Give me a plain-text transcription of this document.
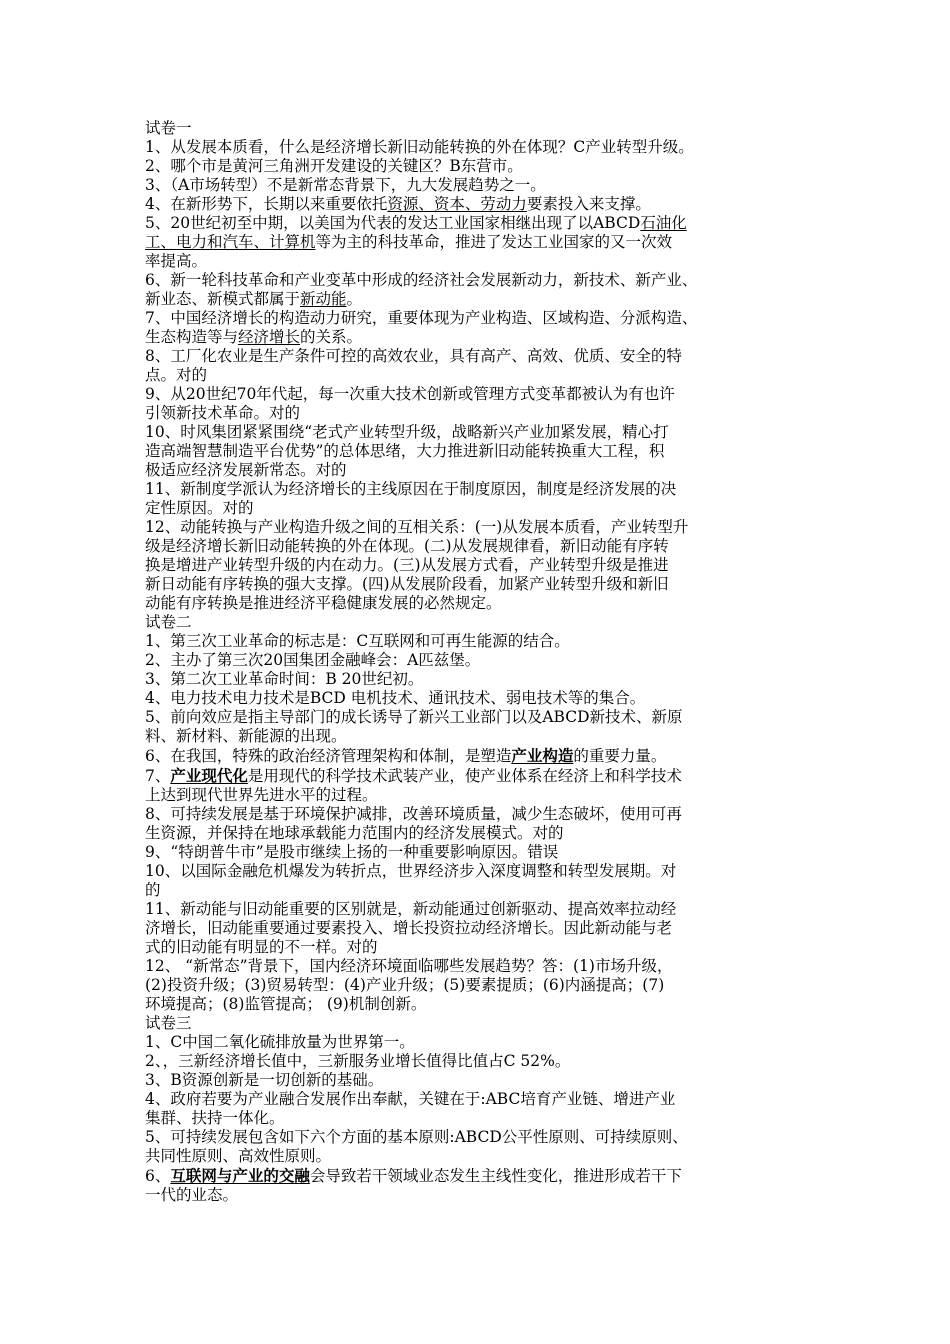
试卷一

1、从发展本质看，什么是经济增长新旧动能转换的外在体现？C产业转型升级。

2、哪个市是黄河三角洲开发建设的关键区？B东营市。

3、（A市场转型）不是新常态背景下，九大发展趋势之一。

4、在新形势下，长期以来重要依托资源、资本、劳动力要素投入来支撑。

5、20世纪初至中期，以美国为代表的发达工业国家相继出现了以ABCD石油化

工、电力和汽车、计算机等为主的科技革命，推进了发达工业国家的又一次效

率提高。

6、新一轮科技革命和产业变革中形成的经济社会发展新动力，新技术、新产业、

新业态、新模式都属于新动能。

7、中国经济增长的构造动力研究，重要体现为产业构造、区域构造、分派构造、

生态构造等与经济增长的关系。

8、工厂化农业是生产条件可控的高效农业，具有高产、高效、优质、安全的特

点。对的

9、从20世纪70年代起，每一次重大技术创新或管理方式变革都被认为有也许

引领新技术革命。对的

10、时风集团紧紧围绕“老式产业转型升级，战略新兴产业加紧发展，精心打

造高端智慧制造平台优势”的总体思绪，大力推进新旧动能转换重大工程，积

极适应经济发展新常态。对的

11、新制度学派认为经济增长的主线原因在于制度原因，制度是经济发展的决

定性原因。对的

12、动能转换与产业构造升级之间的互相关系：(一)从发展本质看，产业转型升

级是经济增长新旧动能转换的外在体现。(二)从发展规律看，新旧动能有序转

换是增进产业转型升级的内在动力。(三)从发展方式看，产业转型升级是推进

新日动能有序转换的强大支撑。(四)从发展阶段看，加紧产业转型升级和新旧

动能有序转换是推进经济平稳健康发展的必然规定。

试卷二

1、第三次工业革命的标志是：C互联网和可再生能源的结合。

2、主办了第三次20国集团金融峰会：A匹兹堡。

3、第二次工业革命时间：B 20世纪初。

4、电力技术电力技术是BCD 电机技术、通讯技术、弱电技术等的集合。

5、前向效应是指主导部门的成长诱导了新兴工业部门以及ABCD新技术、新原

料、新材料、新能源的出现。

6、在我国，特殊的政治经济管理架构和体制，是塑造产业构造的重要力量。

7、产业现代化是用现代的科学技术武装产业，使产业体系在经济上和科学技术

上达到现代世界先进水平的过程。

8、可持续发展是基于环境保护减排，改善环境质量，减少生态破坏，使用可再

生资源，并保持在地球承载能力范围内的经济发展模式。对的

9、“特朗普牛市”是股市继续上扬的一种重要影响原因。错误

10、以国际金融危机爆发为转折点，世界经济步入深度调整和转型发展期。对

的

11、新动能与旧动能重要的区别就是，新动能通过创新驱动、提高效率拉动经

济增长，旧动能重要通过要素投入、增长投资拉动经济增长。因此新动能与老

式的旧动能有明显的不一样。对的

12、 “新常态”背景下，国内经济环境面临哪些发展趋势？答：(1)市场升级，

(2)投资升级；(3)贸易转型：(4)产业升级；(5)要素提质；(6)内涵提高；(7)

环境提高；(8)监管提高； (9)机制创新。

试卷三

1、C中国二氧化硫排放量为世界第一。

2、，三新经济增长值中，三新服务业增长值得比值占C 52%。

3、B资源创新是一切创新的基础。

4、政府若要为产业融合发展作出奉献，关键在于:ABC培育产业链、增进产业

集群、扶持一体化。

5、可持续发展包含如下六个方面的基本原则:ABCD公平性原则、可持续原则、

共同性原则、高效性原则。

6、互联网与产业的交融会导致若干领域业态发生主线性变化，推进形成若干下

一代的业态。
